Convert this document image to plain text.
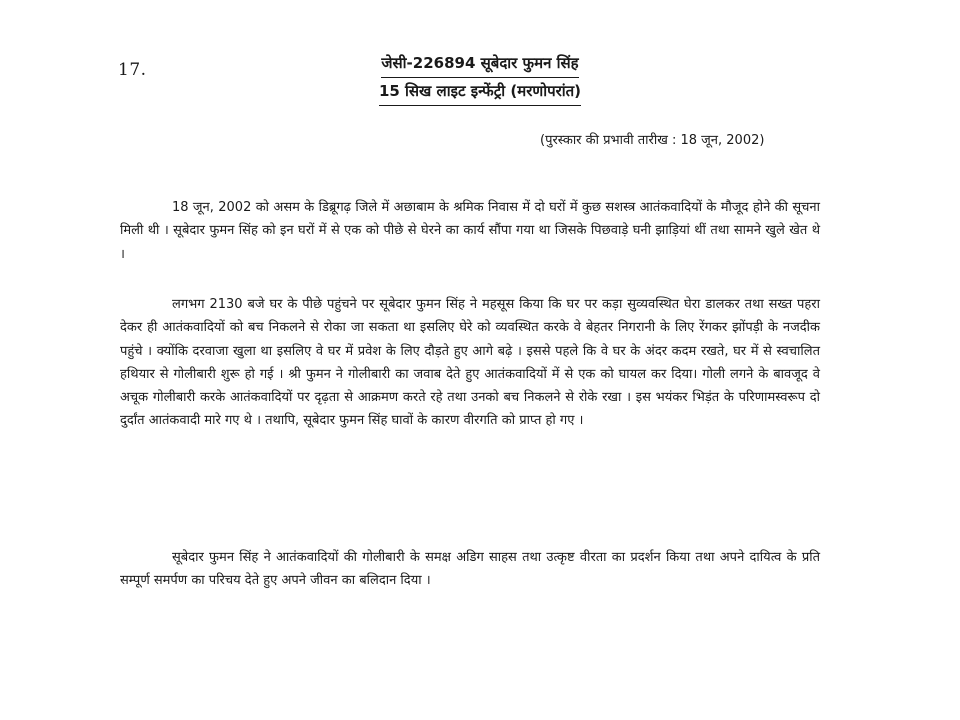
17.	जेसी-226894 सूबेदार फुमन सिंह
15 सिख लाइट इन्फेंट्री (मरणोपरांत)
(पुरस्कार की प्रभावी तारीख : 18 जून, 2002)

18 जून, 2002 को असम के डिब्रूगढ़ जिले में अछाबाम के श्रमिक निवास में दो घरों में कुछ सशस्त्र आतंकवादियों के मौजूद होने की सूचना मिली थी । सूबेदार फुमन सिंह को इन घरों में से एक को पीछे से घेरने का कार्य सौंपा गया था जिसके पिछवाड़े घनी झाड़ियां थीं तथा सामने खुले खेत थे ।

लगभग 2130 बजे घर के पीछे पहुंचने पर सूबेदार फुमन सिंह ने महसूस किया कि घर पर कड़ा सुव्यवस्थित घेरा डालकर तथा सख्त पहरा देकर ही आतंकवादियों को बच निकलने से रोका जा सकता था इसलिए घेरे को व्यवस्थित करके वे बेहतर निगरानी के लिए रेंगकर झोंपड़ी के नजदीक पहुंचे । क्योंकि दरवाजा खुला था इसलिए वे घर में प्रवेश के लिए दौड़ते हुए आगे बढ़े । इससे पहले कि वे घर के अंदर कदम रखते, घर में से स्वचालित हथियार से गोलीबारी शुरू हो गई । श्री फुमन ने गोलीबारी का जवाब देते हुए आतंकवादियों में से एक को घायल कर दिया। गोली लगने के बावजूद वे अचूक गोलीबारी करके आतंकवादियों पर दृढ़ता से आक्रमण करते रहे तथा उनको बच निकलने से रोके रखा । इस भयंकर भिड़ंत के परिणामस्वरूप दो दुर्दांत आतंकवादी मारे गए थे । तथापि, सूबेदार फुमन सिंह घावों के कारण वीरगति को प्राप्त हो गए ।

सूबेदार फुमन सिंह ने आतंकवादियों की गोलीबारी के समक्ष अडिग साहस तथा उत्कृष्ट वीरता का प्रदर्शन किया तथा अपने दायित्व के प्रति सम्पूर्ण समर्पण का परिचय देते हुए अपने जीवन का बलिदान दिया ।
